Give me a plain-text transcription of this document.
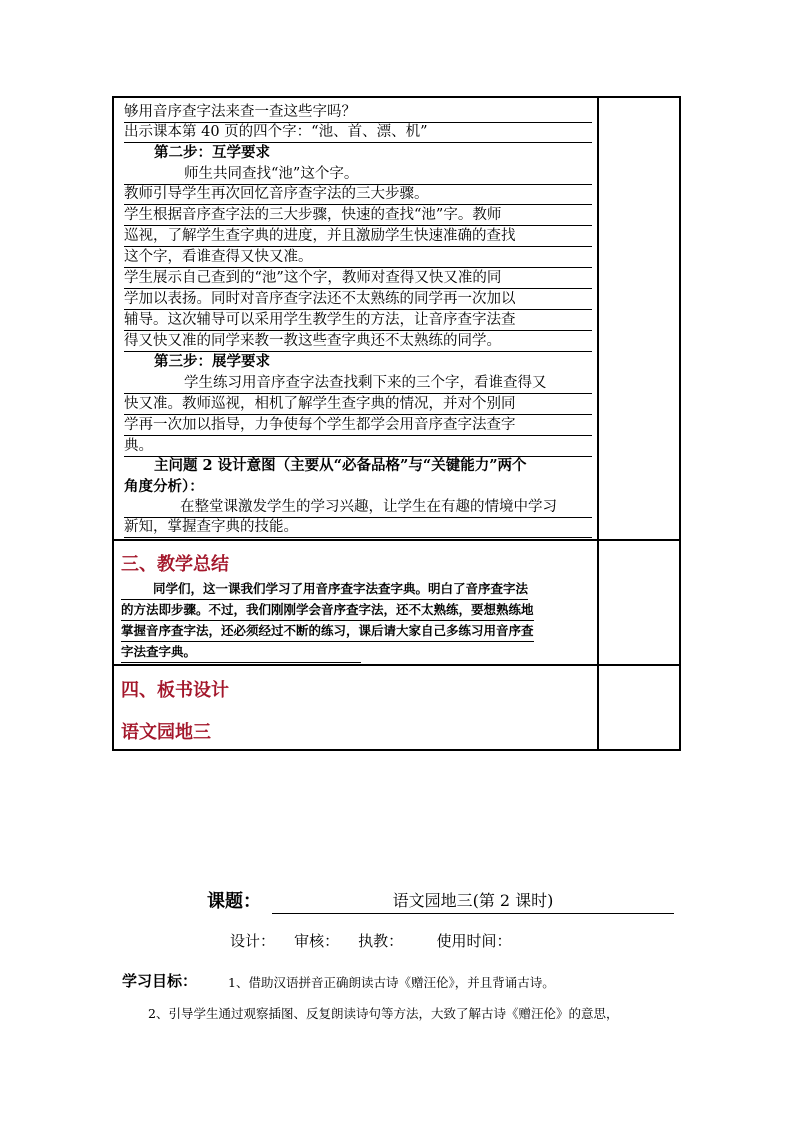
够用音序查字法来查一查这些字吗？
出示课本第 40 页的四个字：“池、首、漂、机”
第二步：互学要求
师生共同查找“池”这个字。
教师引导学生再次回忆音序查字法的三大步骤。
学生根据音序查字法的三大步骤，快速的查找“池”字。教师
巡视，了解学生查字典的进度，并且激励学生快速准确的查找
这个字，看谁查得又快又准。
学生展示自己查到的“池”这个字，教师对查得又快又准的同
学加以表扬。同时对音序查字法还不太熟练的同学再一次加以
辅导。这次辅导可以采用学生教学生的方法，让音序查字法查
得又快又准的同学来教一教这些查字典还不太熟练的同学。
第三步：展学要求
学生练习用音序查字法查找剩下来的三个字，看谁查得又
快又准。教师巡视，相机了解学生查字典的情况，并对个别同
学再一次加以指导，力争使每个学生都学会用音序查字法查字
典。
主问题 2 设计意图（主要从“必备品格”与“关键能力”两个
角度分析）：
在整堂课激发学生的学习兴趣，让学生在有趣的情境中学习
新知，掌握查字典的技能。
三、教学总结
同学们，这一课我们学习了用音序查字法查字典。明白了音序查字法
的方法即步骤。不过，我们刚刚学会音序查字法，还不太熟练，要想熟练地
掌握音序查字法，还必须经过不断的练习，课后请大家自己多练习用音序查
字法查字典。
四、板书设计
语文园地三
课题：	语文园地三(第 2 课时)
设计：    审核：    执教：       使用时间：
学习目标： 1、借助汉语拼音正确朗读古诗《赠汪伦》，并且背诵古诗。
2、引导学生通过观察插图、反复朗读诗句等方法，大致了解古诗《赠汪伦》的意思，
